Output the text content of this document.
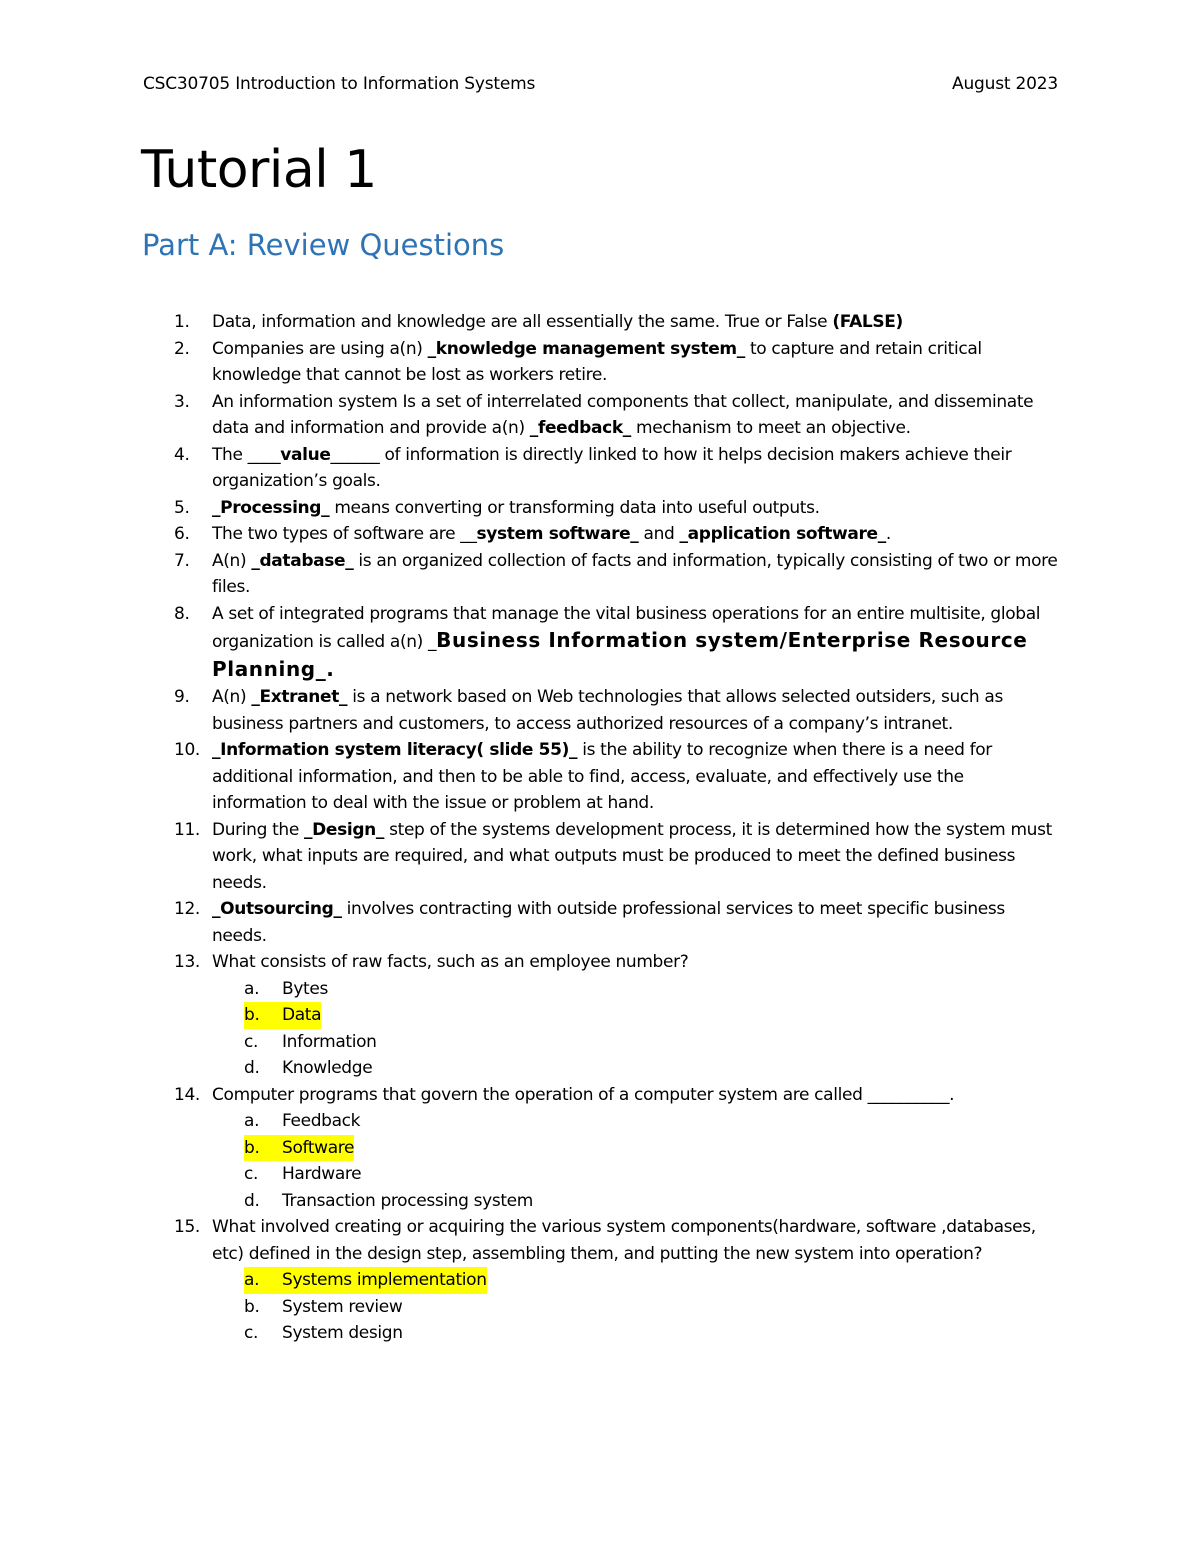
CSC30705 Introduction to Information Systems	August 2023
Tutorial 1
Part A: Review Questions
1. Data, information and knowledge are all essentially the same. True or False (FALSE)
2. Companies are using a(n) _knowledge management system_ to capture and retain critical knowledge that cannot be lost as workers retire.
3. An information system Is a set of interrelated components that collect, manipulate, and disseminate data and information and provide a(n) _feedback_ mechanism to meet an objective.
4. The ____value______ of information is directly linked to how it helps decision makers achieve their organization’s goals.
5. _Processing_ means converting or transforming data into useful outputs.
6. The two types of software are __system software_ and _application software_.
7. A(n) _database_ is an organized collection of facts and information, typically consisting of two or more files.
8. A set of integrated programs that manage the vital business operations for an entire multisite, global organization is called a(n) _Business Information system/Enterprise Resource Planning_.
9. A(n) _Extranet_ is a network based on Web technologies that allows selected outsiders, such as business partners and customers, to access authorized resources of a company’s intranet.
10. _Information system literacy( slide 55)_ is the ability to recognize when there is a need for additional information, and then to be able to find, access, evaluate, and effectively use the information to deal with the issue or problem at hand.
11. During the _Design_ step of the systems development process, it is determined how the system must work, what inputs are required, and what outputs must be produced to meet the defined business needs.
12. _Outsourcing_ involves contracting with outside professional services to meet specific business needs.
13. What consists of raw facts, such as an employee number?
a. Bytes
b. Data
c. Information
d. Knowledge
14. Computer programs that govern the operation of a computer system are called __________.
a. Feedback
b. Software
c. Hardware
d. Transaction processing system
15. What involved creating or acquiring the various system components(hardware, software ,databases, etc) defined in the design step, assembling them, and putting the new system into operation?
a. Systems implementation
b. System review
c. System design
